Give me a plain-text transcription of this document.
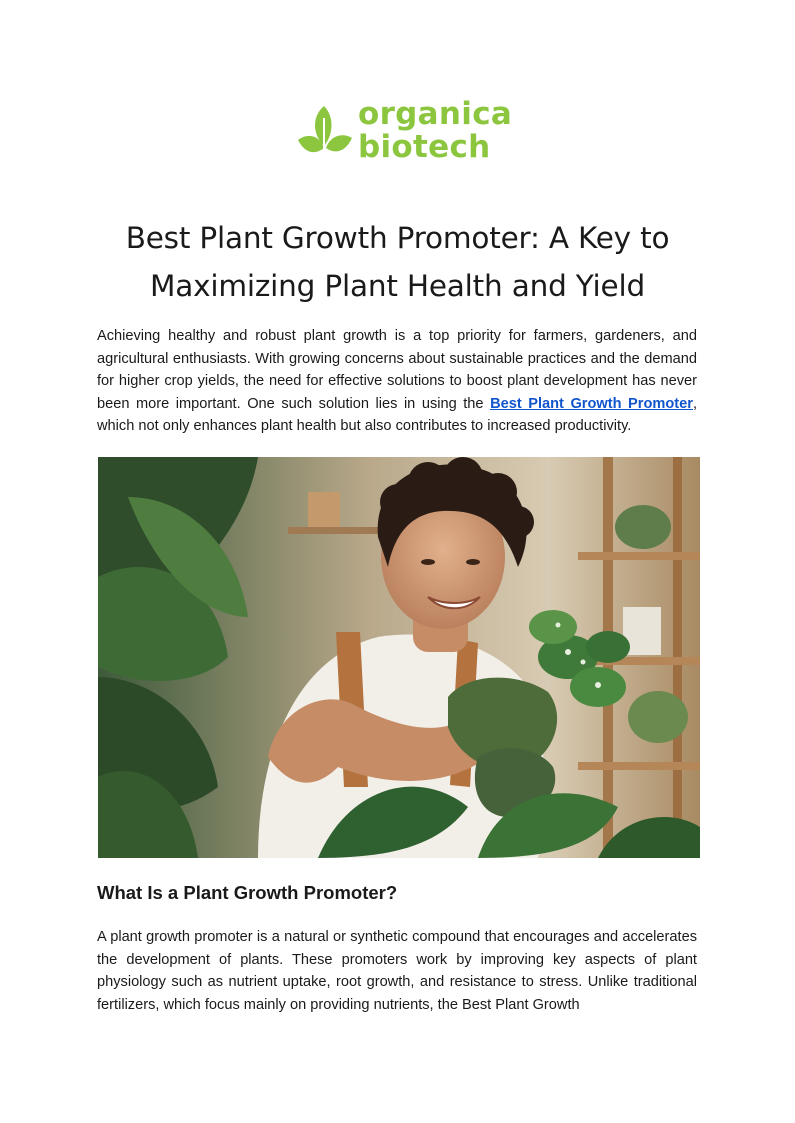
organica
biotech
Best Plant Growth Promoter: A Key to Maximizing Plant Health and Yield

Achieving healthy and robust plant growth is a top priority for farmers, gardeners, and agricultural enthusiasts. With growing concerns about sustainable practices and the demand for higher crop yields, the need for effective solutions to boost plant development has never been more important. One such solution lies in using the Best Plant Growth Promoter, which not only enhances plant health but also contributes to increased productivity.

What Is a Plant Growth Promoter?

A plant growth promoter is a natural or synthetic compound that encourages and accelerates the development of plants. These promoters work by improving key aspects of plant physiology such as nutrient uptake, root growth, and resistance to stress. Unlike traditional fertilizers, which focus mainly on providing nutrients, the Best Plant Growth
